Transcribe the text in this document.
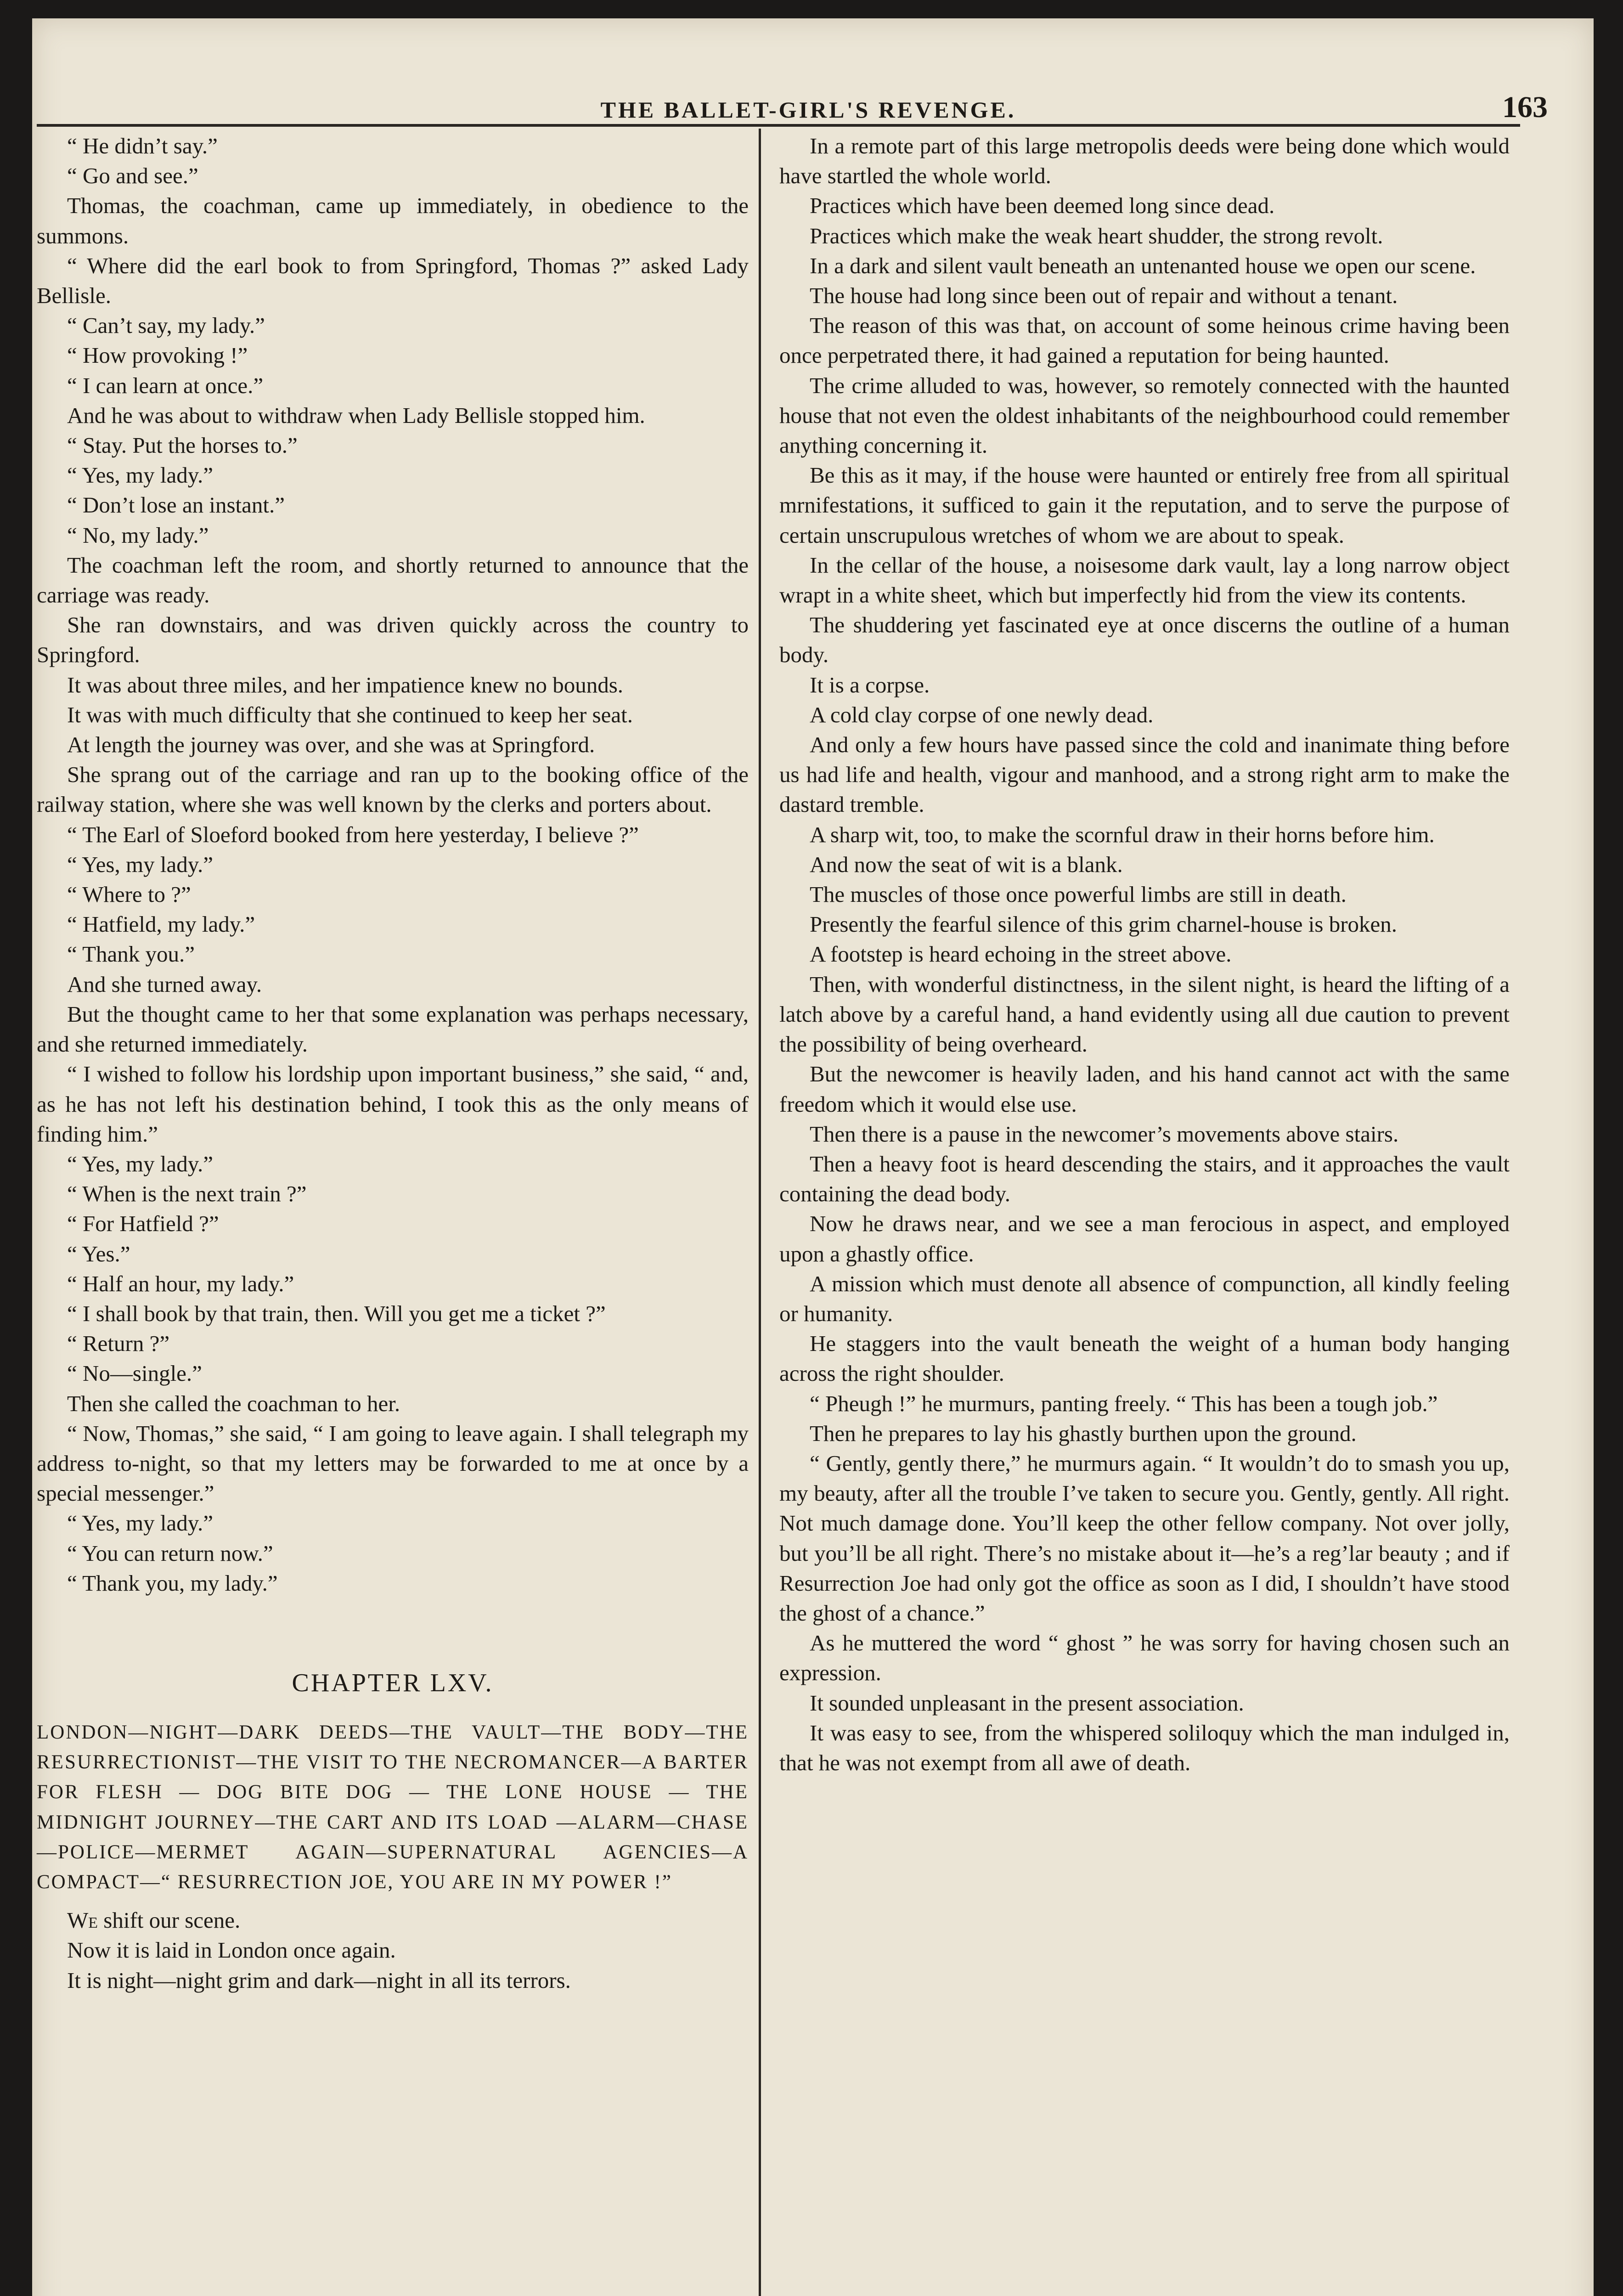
THE BALLET-GIRL'S REVENGE.	163

“ He didn’t say.”

“ Go and see.”

Thomas, the coachman, came up immediately, in obedience to the summons.

“ Where did the earl book to from Springford, Thomas ?” asked Lady Bellisle.

“ Can’t say, my lady.”

“ How provoking !”

“ I can learn at once.”

And he was about to withdraw when Lady Bellisle stopped him.

“ Stay. Put the horses to.”

“ Yes, my lady.”

“ Don’t lose an instant.”

“ No, my lady.”

The coachman left the room, and shortly returned to announce that the carriage was ready.

She ran downstairs, and was driven quickly across the country to Springford.

It was about three miles, and her impatience knew no bounds.

It was with much difficulty that she continued to keep her seat.

At length the journey was over, and she was at Springford.

She sprang out of the carriage and ran up to the booking office of the railway station, where she was well known by the clerks and porters about.

“ The Earl of Sloeford booked from here yesterday, I believe ?”

“ Yes, my lady.”

“ Where to ?”

“ Hatfield, my lady.”

“ Thank you.”

And she turned away.

But the thought came to her that some explanation was perhaps necessary, and she returned immediately.

“ I wished to follow his lordship upon important business,” she said, “ and, as he has not left his destination behind, I took this as the only means of finding him.”

“ Yes, my lady.”

“ When is the next train ?”

“ For Hatfield ?”

“ Yes.”

“ Half an hour, my lady.”

“ I shall book by that train, then. Will you get me a ticket ?”

“ Return ?”

“ No—single.”

Then she called the coachman to her.

“ Now, Thomas,” she said, “ I am going to leave again. I shall telegraph my address to-night, so that my letters may be forwarded to me at once by a special messenger.”

“ Yes, my lady.”

“ You can return now.”

“ Thank you, my lady.”

CHAPTER LXV.

LONDON—NIGHT—DARK DEEDS—THE VAULT—THE BODY—THE RESURRECTIONIST—THE VISIT TO THE NECROMANCER—A BARTER FOR FLESH — DOG BITE DOG — THE LONE HOUSE — THE MIDNIGHT JOURNEY—THE CART AND ITS LOAD —ALARM—CHASE—POLICE—MERMET AGAIN—SUPERNATURAL AGENCIES—A COMPACT—“ RESURRECTION JOE, YOU ARE IN MY POWER !”

We shift our scene.

Now it is laid in London once again.

It is night—night grim and dark—night in all its terrors.

In a remote part of this large metropolis deeds were being done which would have startled the whole world.

Practices which have been deemed long since dead.

Practices which make the weak heart shudder, the strong revolt.

In a dark and silent vault beneath an untenanted house we open our scene.

The house had long since been out of repair and without a tenant.

The reason of this was that, on account of some heinous crime having been once perpetrated there, it had gained a reputation for being haunted.

The crime alluded to was, however, so remotely connected with the haunted house that not even the oldest inhabitants of the neighbourhood could remember anything concerning it.

Be this as it may, if the house were haunted or entirely free from all spiritual mrnifestations, it sufficed to gain it the reputation, and to serve the purpose of certain unscrupulous wretches of whom we are about to speak.

In the cellar of the house, a noisesome dark vault, lay a long narrow object wrapt in a white sheet, which but imperfectly hid from the view its contents.

The shuddering yet fascinated eye at once discerns the outline of a human body.

It is a corpse.

A cold clay corpse of one newly dead.

And only a few hours have passed since the cold and inanimate thing before us had life and health, vigour and manhood, and a strong right arm to make the dastard tremble.

A sharp wit, too, to make the scornful draw in their horns before him.

And now the seat of wit is a blank.

The muscles of those once powerful limbs are still in death.

Presently the fearful silence of this grim charnel-house is broken.

A footstep is heard echoing in the street above.

Then, with wonderful distinctness, in the silent night, is heard the lifting of a latch above by a careful hand, a hand evidently using all due caution to prevent the possibility of being overheard.

But the newcomer is heavily laden, and his hand cannot act with the same freedom which it would else use.

Then there is a pause in the newcomer’s movements above stairs.

Then a heavy foot is heard descending the stairs, and it approaches the vault containing the dead body.

Now he draws near, and we see a man ferocious in aspect, and employed upon a ghastly office.

A mission which must denote all absence of compunction, all kindly feeling or humanity.

He staggers into the vault beneath the weight of a human body hanging across the right shoulder.

“ Pheugh !” he murmurs, panting freely. “ This has been a tough job.”

Then he prepares to lay his ghastly burthen upon the ground.

“ Gently, gently there,” he murmurs again. “ It wouldn’t do to smash you up, my beauty, after all the trouble I’ve taken to secure you. Gently, gently. All right. Not much damage done. You’ll keep the other fellow company. Not over jolly, but you’ll be all right. There’s no mistake about it—he’s a reg’lar beauty ; and if Resurrection Joe had only got the office as soon as I did, I shouldn’t have stood the ghost of a chance.”

As he muttered the word “ ghost ” he was sorry for having chosen such an expression.

It sounded unpleasant in the present association.

It was easy to see, from the whispered soliloquy which the man indulged in, that he was not exempt from all awe of death.
